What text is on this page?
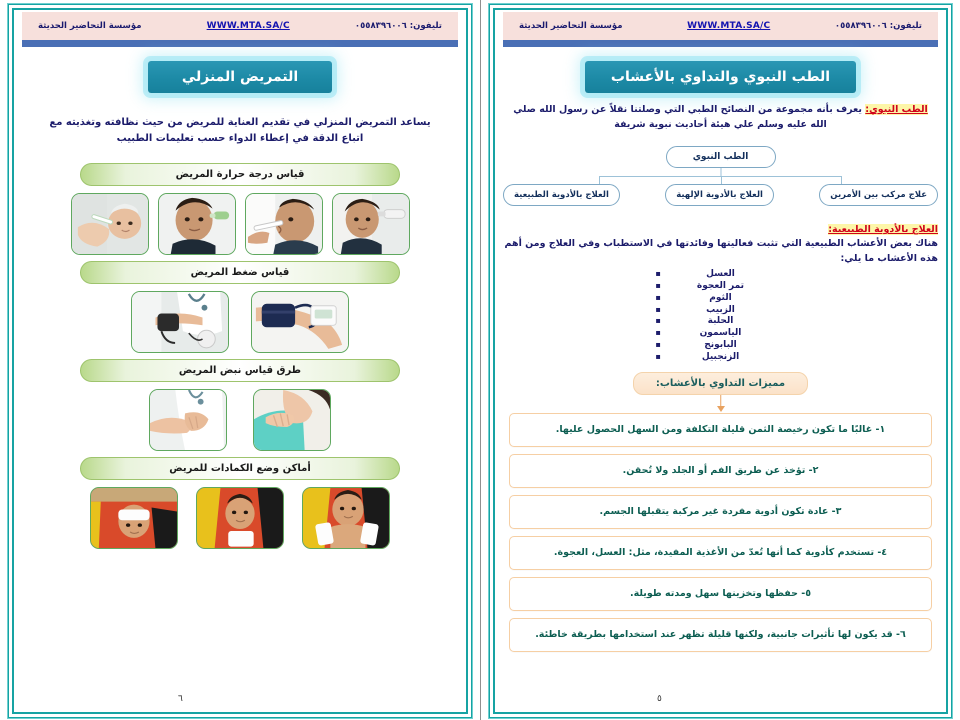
تليفون: ٠٥٥٨٣٩٦٠٠٦
WWW.MTA.SA/C
مؤسسة التحاضير الحديثة
الطب النبوي والتداوي بالأعشاب

الطب النبوي: يعرف بأنه مجموعة من النصائح الطبي التي وصلتنا نقلاً عن رسول الله صلي الله عليه وسلم علي هيئة أحاديث نبوية شريفة

الطب النبوي
علاج مركب بين الأمرين
العلاج بالأدوية الإلهية
العلاج بالأدوية الطبيعية
العلاج بالأدوية الطبيعية:
هناك بعض الأعشاب الطبيعية التي تثبت فعاليتها وفائدتها في الاستطباب وفي العلاج ومن أهم هذه الأعشاب ما يلي:
العسل ▪
تمر العجوة ▪
الثوم ▪
الزبيب ▪
الحلبة ▪
الياسمون ▪
البابونج ▪
الزنجبيل ▪
مميزات التداوي بالأعشاب:
١- غالبًا ما تكون رخيصة الثمن قليلة التكلفة ومن السهل الحصول عليها.
٢- تؤخذ عن طريق الفم أو الجلد ولا تُحقن.
٣- عادة تكون أدوية مفردة غير مركبة يتقبلها الجسم.
٤- تستخدم كأدوية كما أنها تُعدّ من الأغذية المفيدة، مثل: العسل، العجوة.
٥- حفظها وتخزينها سهل ومدته طويلة.
٦- قد يكون لها تأثيرات جانبية، ولكنها قليلة تظهر عند استخدامها بطريقة خاطئة.
٥
تليفون: ٠٥٥٨٣٩٦٠٠٦
WWW.MTA.SA/C
مؤسسة التحاضير الحديثة
التمريض المنزلي

يساعد التمريض المنزلي في تقديم العناية للمريض من حيث نظافته وتغذيته مع اتباع الدقة في إعطاء الدواء حسب تعليمات الطبيب

قياس درجة حرارة المريض
قياس ضغط المريض
طرق قياس نبض المريض
أماكن وضع الكمادات للمريض
٦
